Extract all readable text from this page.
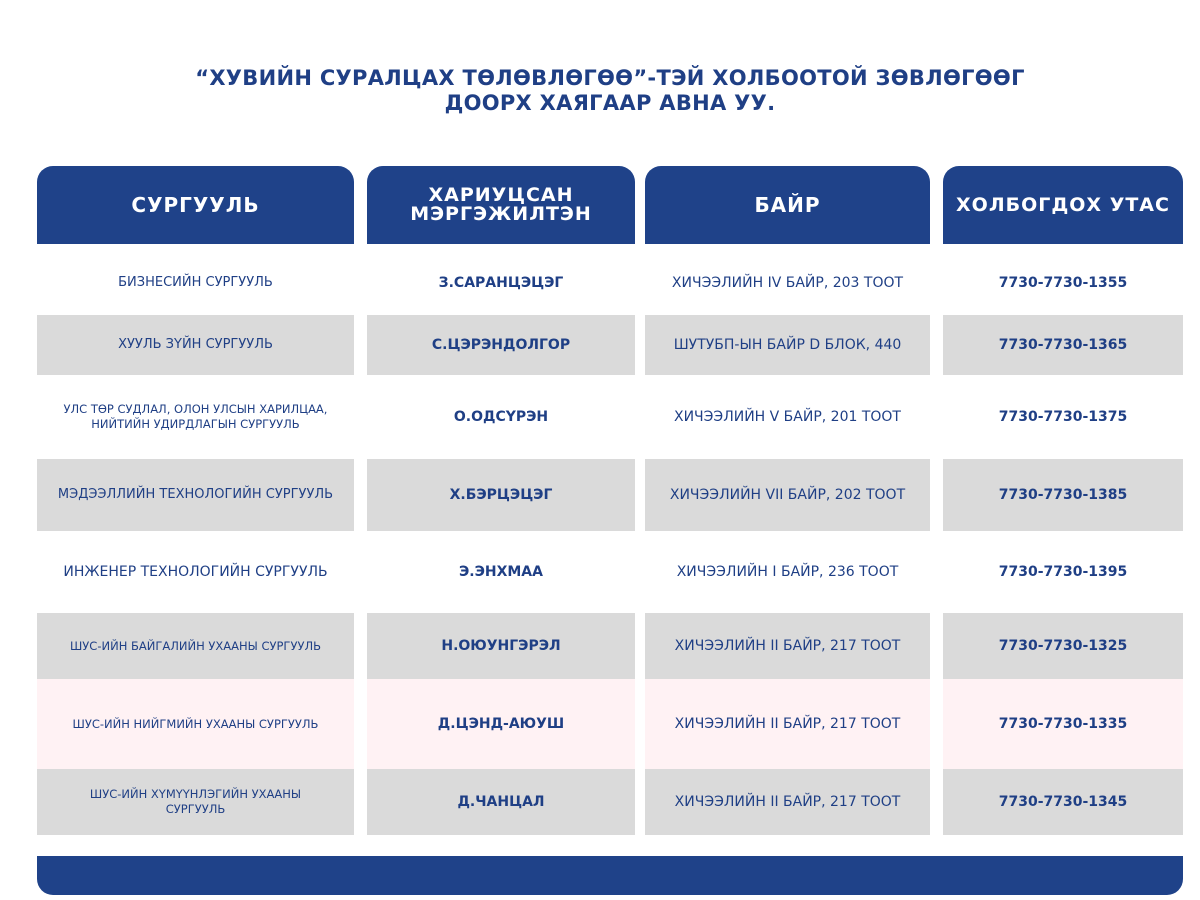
“ХУВИЙН СУРАЛЦАХ ТӨЛӨВЛӨГӨӨ”-ТЭЙ ХОЛБООТОЙ ЗӨВЛӨГӨӨГ
ДООРХ ХАЯГААР АВНА УУ.
СУРГУУЛЬ	ХАРИУЦСАН
МЭРГЭЖИЛТЭН	БАЙР	ХОЛБОГДОХ УТАС
БИЗНЕСИЙН СУРГУУЛЬ	З.САРАНЦЭЦЭГ	ХИЧЭЭЛИЙН IV БАЙР, 203 ТООТ	7730-7730-1355
ХУУЛЬ ЗҮЙН СУРГУУЛЬ	С.ЦЭРЭНДОЛГОР	ШУТУБП-ЫН БАЙР D БЛОК, 440	7730-7730-1365
УЛС ТӨР СУДЛАЛ, ОЛОН УЛСЫН ХАРИЛЦАА,
НИЙТИЙН УДИРДЛАГЫН СУРГУУЛЬ	О.ОДСҮРЭН	ХИЧЭЭЛИЙН V БАЙР, 201 ТООТ	7730-7730-1375
МЭДЭЭЛЛИЙН ТЕХНОЛОГИЙН СУРГУУЛЬ	Х.БЭРЦЭЦЭГ	ХИЧЭЭЛИЙН VII БАЙР, 202 ТООТ	7730-7730-1385
ИНЖЕНЕР ТЕХНОЛОГИЙН СУРГУУЛЬ	Э.ЭНХМАА	ХИЧЭЭЛИЙН I БАЙР, 236 ТООТ	7730-7730-1395
ШУС-ИЙН БАЙГАЛИЙН УХААНЫ СУРГУУЛЬ	Н.ОЮУНГЭРЭЛ	ХИЧЭЭЛИЙН II БАЙР, 217 ТООТ	7730-7730-1325
ШУС-ИЙН НИЙГМИЙН УХААНЫ СУРГУУЛЬ	Д.ЦЭНД-АЮУШ	ХИЧЭЭЛИЙН II БАЙР, 217 ТООТ	7730-7730-1335
ШУС-ИЙН ХҮМҮҮНЛЭГИЙН УХААНЫ
СУРГУУЛЬ	Д.ЧАНЦАЛ	ХИЧЭЭЛИЙН II БАЙР, 217 ТООТ	7730-7730-1345
